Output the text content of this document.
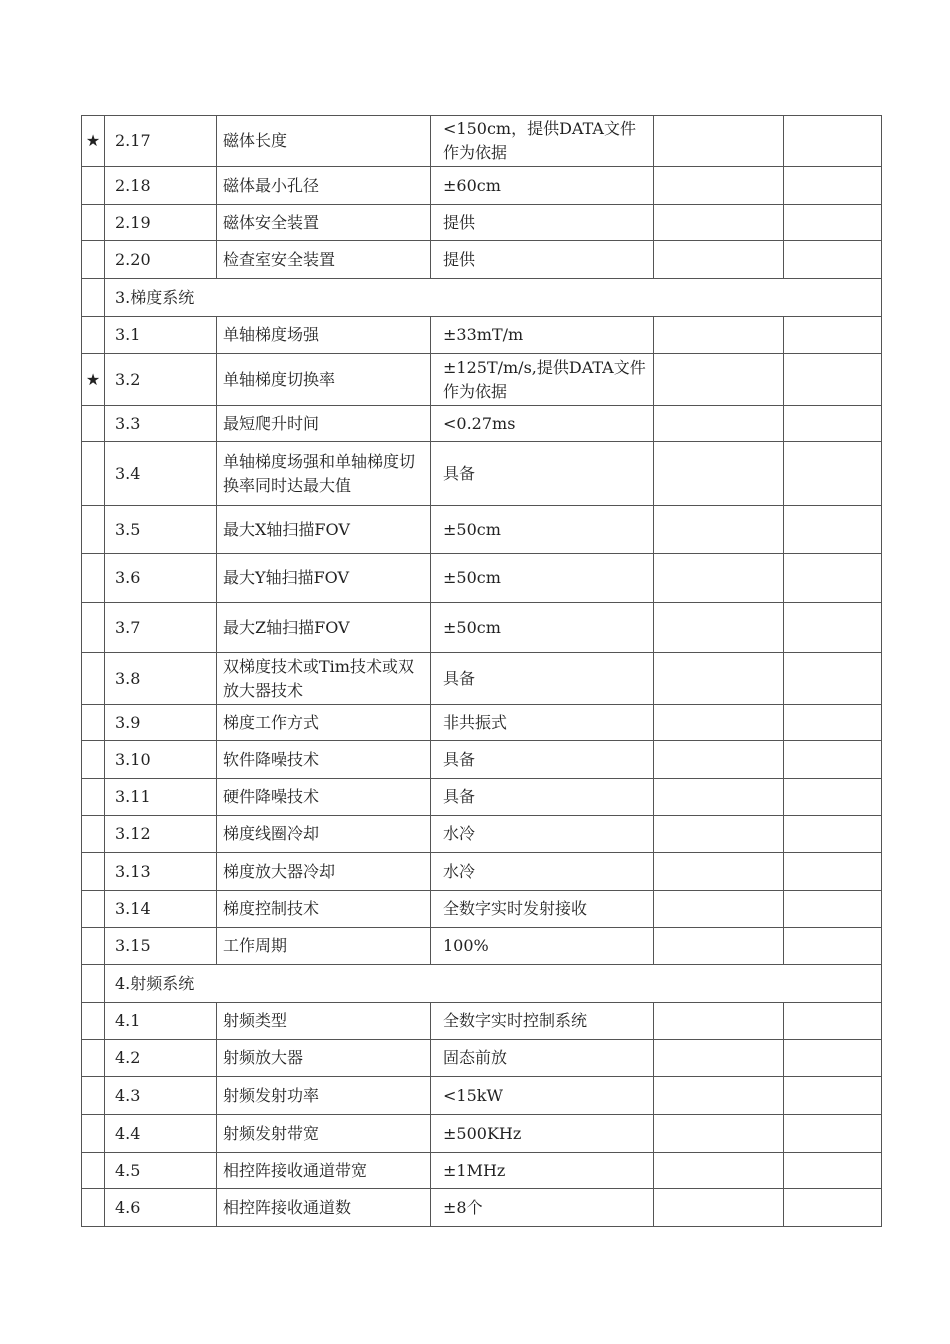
★	2.17	磁体长度	<150cm，提供DATA文件作为依据		
	2.18	磁体最小孔径	±60cm		
	2.19	磁体安全装置	提供		
	2.20	检查室安全装置	提供		
	3.梯度系统				
	3.1	单轴梯度场强	±33mT/m		
★	3.2	单轴梯度切换率	±125T/m/s,提供DATA文件作为依据		
	3.3	最短爬升时间	<0.27ms		
	3.4	单轴梯度场强和单轴梯度切换率同时达最大值	具备		
	3.5	最大X轴扫描FOV	±50cm		
	3.6	最大Y轴扫描FOV	±50cm		
	3.7	最大Z轴扫描FOV	±50cm		
	3.8	双梯度技术或Tim技术或双放大器技术	具备		
	3.9	梯度工作方式	非共振式		
	3.10	软件降噪技术	具备		
	3.11	硬件降噪技术	具备		
	3.12	梯度线圈冷却	水冷		
	3.13	梯度放大器冷却	水冷		
	3.14	梯度控制技术	全数字实时发射接收		
	3.15	工作周期	100%		
	4.射频系统				
	4.1	射频类型	全数字实时控制系统		
	4.2	射频放大器	固态前放		
	4.3	射频发射功率	<15kW		
	4.4	射频发射带宽	±500KHz		
	4.5	相控阵接收通道带宽	±1MHz		
	4.6	相控阵接收通道数	±8个		
